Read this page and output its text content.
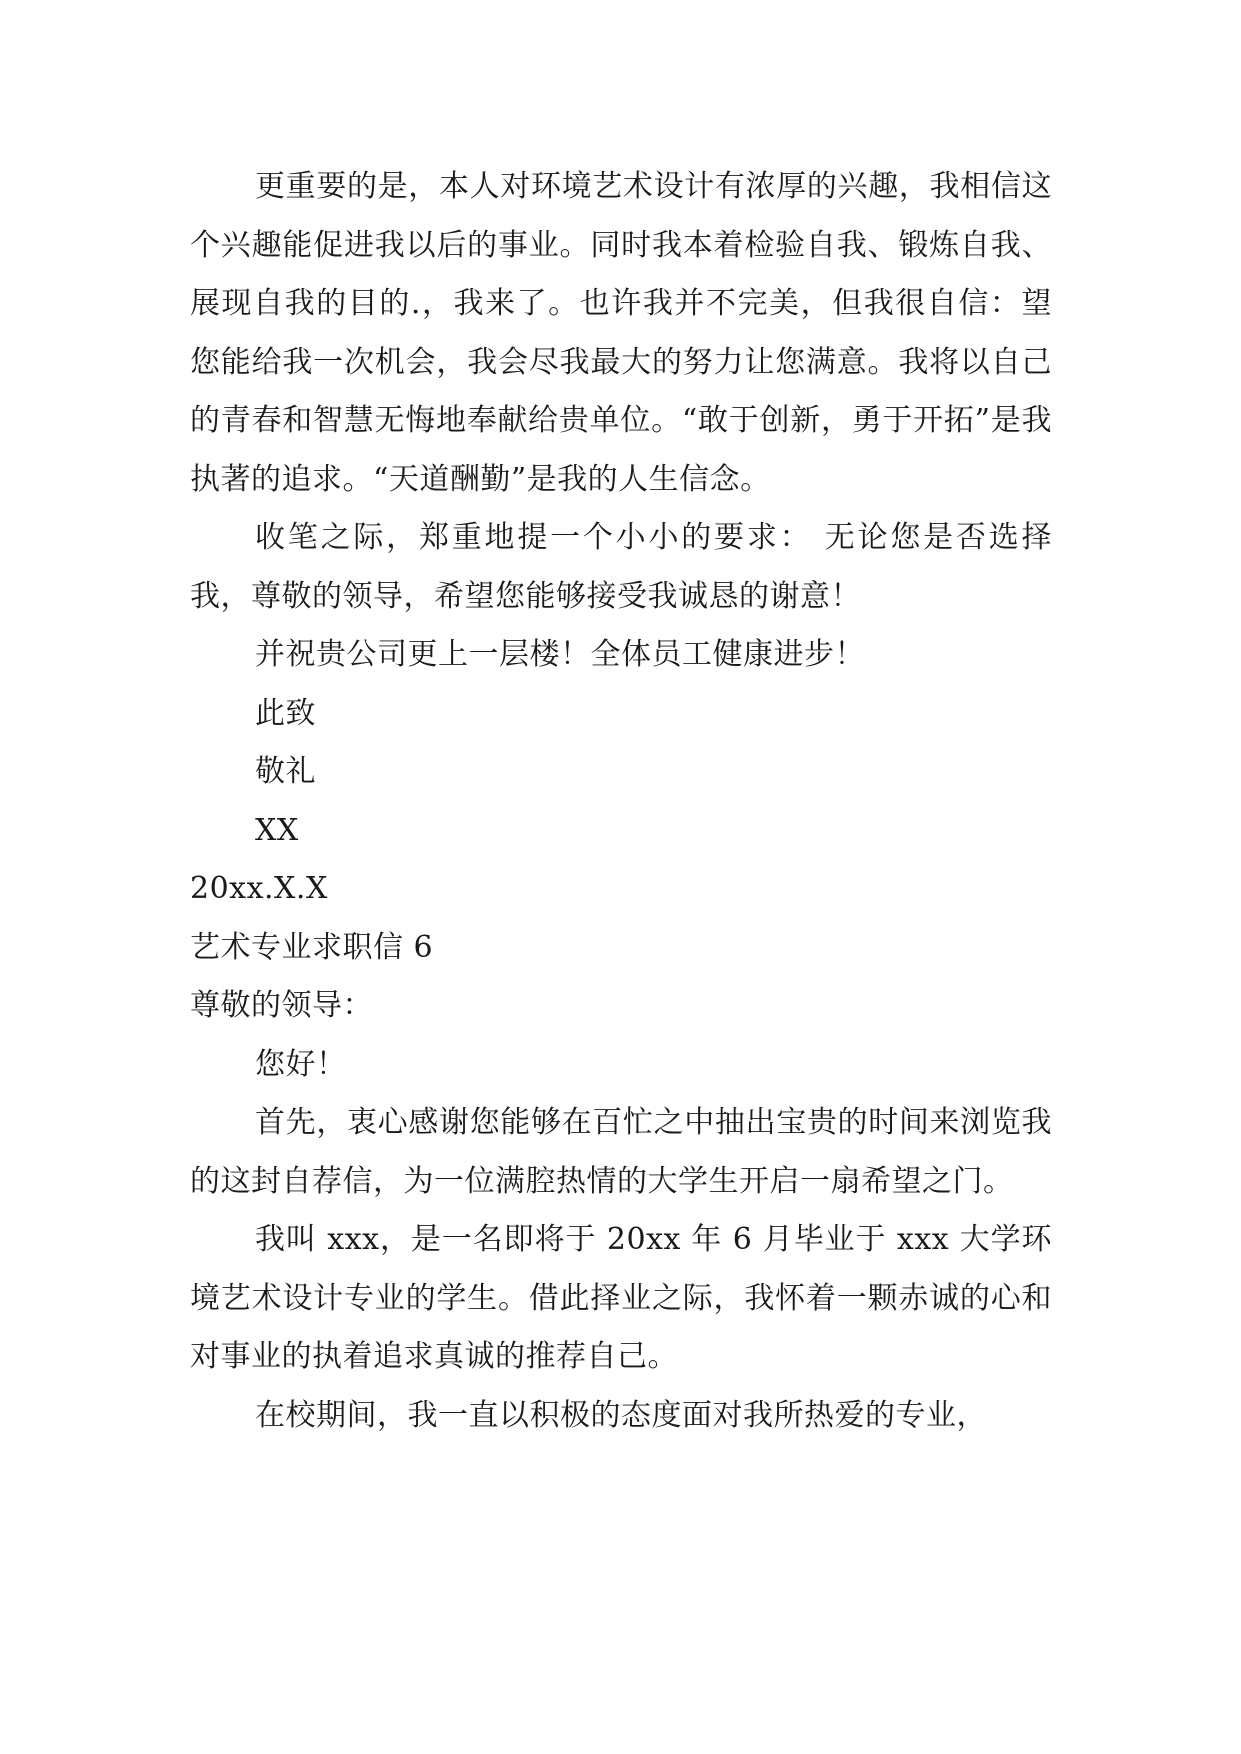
更重要的是，本人对环境艺术设计有浓厚的兴趣，我相信这个兴趣能促进我以后的事业。同时我本着检验自我、锻炼自我、展现自我的目的.，我来了。也许我并不完美，但我很自信：望您能给我一次机会，我会尽我最大的努力让您满意。我将以自己的青春和智慧无悔地奉献给贵单位。“敢于创新，勇于开拓”是我执著的追求。“天道酬勤”是我的人生信念。

收笔之际，郑重地提一个小小的要求： 无论您是否选择我，尊敬的领导，希望您能够接受我诚恳的谢意！

并祝贵公司更上一层楼！全体员工健康进步！

此致

敬礼

XX

20xx.X.X

艺术专业求职信 6

尊敬的领导：

您好！

首先，衷心感谢您能够在百忙之中抽出宝贵的时间来浏览我的这封自荐信，为一位满腔热情的大学生开启一扇希望之门。

我叫 xxx，是一名即将于 20xx 年 6 月毕业于 xxx 大学环境艺术设计专业的学生。借此择业之际，我怀着一颗赤诚的心和对事业的执着追求真诚的推荐自己。

在校期间，我一直以积极的态度面对我所热爱的专业，
